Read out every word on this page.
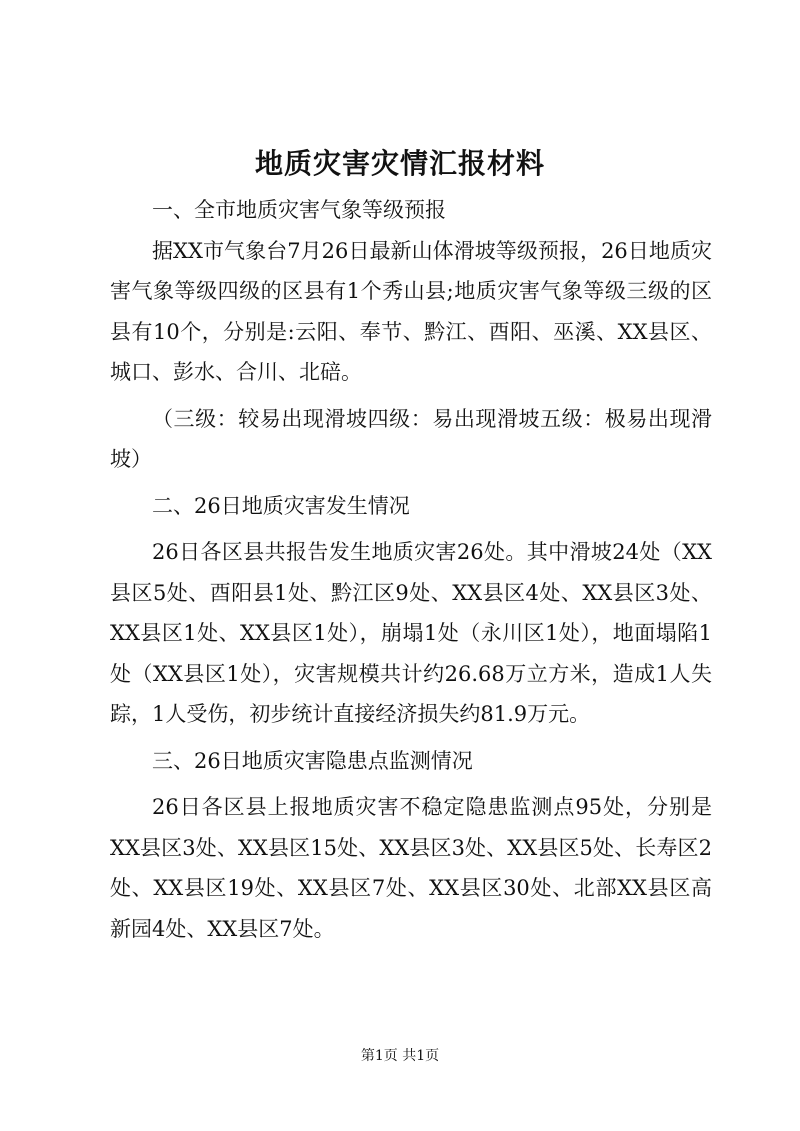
地质灾害灾情汇报材料

一、全市地质灾害气象等级预报

据XX市气象台7月26日最新山体滑坡等级预报，26日地质灾害气象等级四级的区县有1个秀山县;地质灾害气象等级三级的区县有10个，分别是:云阳、奉节、黔江、酉阳、巫溪、XX县区、城口、彭水、合川、北碚。

（三级：较易出现滑坡四级：易出现滑坡五级：极易出现滑坡）

二、26日地质灾害发生情况

26日各区县共报告发生地质灾害26处。其中滑坡24处（XX县区5处、酉阳县1处、黔江区9处、XX县区4处、XX县区3处、XX县区1处、XX县区1处），崩塌1处（永川区1处），地面塌陷1处（XX县区1处），灾害规模共计约26.68万立方米，造成1人失踪，1人受伤，初步统计直接经济损失约81.9万元。

三、26日地质灾害隐患点监测情况

26日各区县上报地质灾害不稳定隐患监测点95处，分别是XX县区3处、XX县区15处、XX县区3处、XX县区5处、长寿区2处、XX县区19处、XX县区7处、XX县区30处、北部XX县区高新园4处、XX县区7处。

第1页 共1页
